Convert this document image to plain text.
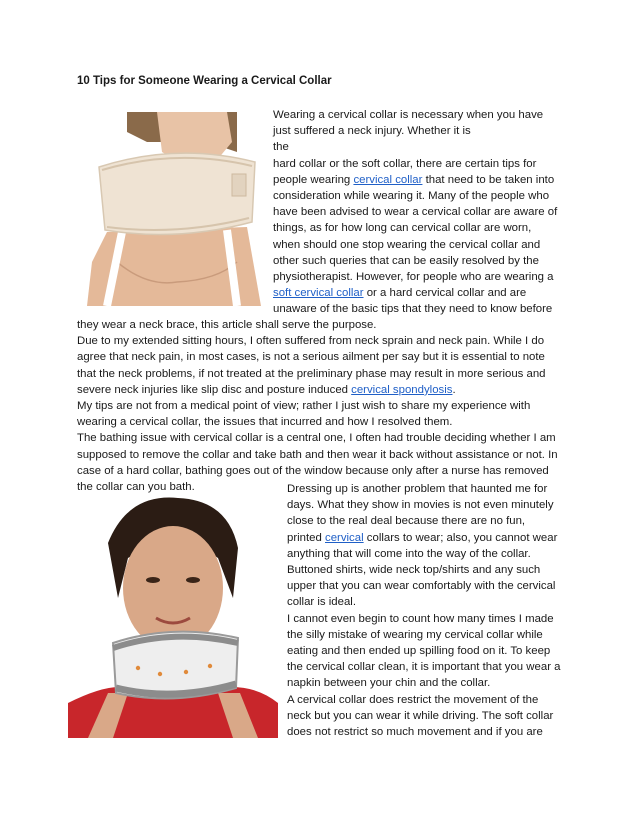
10 Tips for Someone Wearing a Cervical Collar
Wearing a cervical collar is necessary when you have
just suffered a neck injury. Whether it is
the
hard collar or the soft collar, there are certain tips for
people wearing cervical collar that need to be taken into
consideration while wearing it. Many of the people who
have been advised to wear a cervical collar are aware of
things, as for how long can cervical collar are worn,
when should one stop wearing the cervical collar and
other such queries that can be easily resolved by the
physiotherapist. However, for people who are wearing a
soft cervical collar or a hard cervical collar and are
unaware of the basic tips that they need to know before
they wear a neck brace, this article shall serve the purpose.
Due to my extended sitting hours, I often suffered from neck sprain and neck pain. While I do
agree that neck pain, in most cases, is not a serious ailment per say but it is essential to note
that the neck problems, if not treated at the preliminary phase may result in more serious and
severe neck injuries like slip disc and posture induced cervical spondylosis.
My tips are not from a medical point of view; rather I just wish to share my experience with
wearing a cervical collar, the issues that incurred and how I resolved them.
The bathing issue with cervical collar is a central one, I often had trouble deciding whether I am
supposed to remove the collar and take bath and then wear it back without assistance or not. In
case of a hard collar, bathing goes out of the window because only after a nurse has removed
the collar can you bath.	Dressing up is another problem that haunted me for
days. What they show in movies is not even minutely
close to the real deal because there are no fun,
printed cervical collars to wear; also, you cannot wear
anything that will come into the way of the collar.
Buttoned shirts, wide neck top/shirts and any such
upper that you can wear comfortably with the cervical
collar is ideal.
I cannot even begin to count how many times I made
the silly mistake of wearing my cervical collar while
eating and then ended up spilling food on it. To keep
the cervical collar clean, it is important that you wear a
napkin between your chin and the collar.
A cervical collar does restrict the movement of the
neck but you can wear it while driving. The soft collar
does not restrict so much movement and if you are
